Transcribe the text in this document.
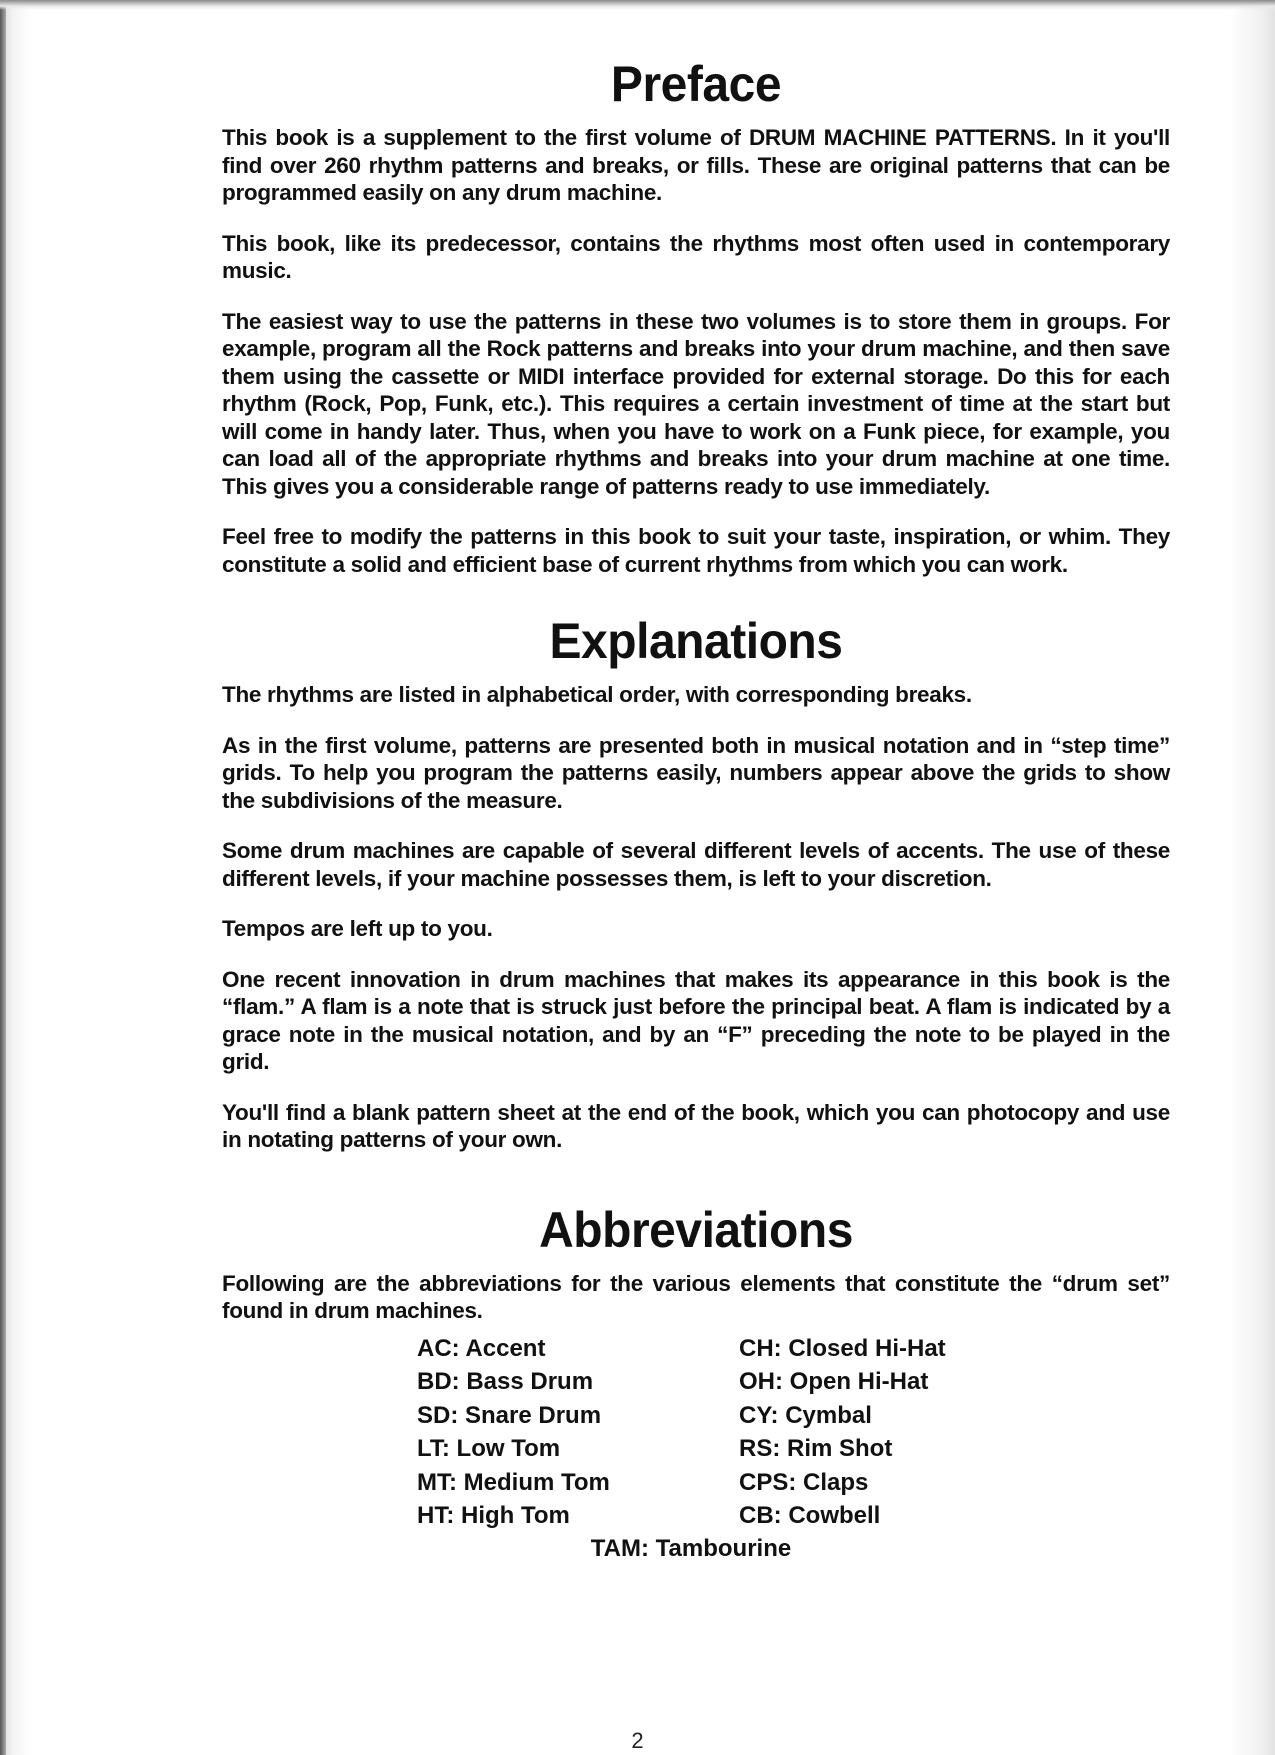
Preface

This book is a supplement to the first volume of DRUM MACHINE PATTERNS. In it you'll find over 260 rhythm patterns and breaks, or fills. These are original patterns that can be programmed easily on any drum machine.

This book, like its predecessor, contains the rhythms most often used in contemporary music.

The easiest way to use the patterns in these two volumes is to store them in groups. For example, program all the Rock patterns and breaks into your drum machine, and then save them using the cassette or MIDI interface provided for external storage. Do this for each rhythm (Rock, Pop, Funk, etc.). This requires a certain investment of time at the start but will come in handy later. Thus, when you have to work on a Funk piece, for example, you can load all of the appropriate rhythms and breaks into your drum machine at one time. This gives you a considerable range of patterns ready to use immediately.

Feel free to modify the patterns in this book to suit your taste, inspiration, or whim. They constitute a solid and efficient base of current rhythms from which you can work.

Explanations

The rhythms are listed in alphabetical order, with corresponding breaks.

As in the first volume, patterns are presented both in musical notation and in “step time” grids. To help you program the patterns easily, numbers appear above the grids to show the subdivisions of the measure.

Some drum machines are capable of several different levels of accents. The use of these different levels, if your machine possesses them, is left to your discretion.

Tempos are left up to you.

One recent innovation in drum machines that makes its appearance in this book is the “flam.” A flam is a note that is struck just before the principal beat. A flam is indicated by a grace note in the musical notation, and by an “F” preceding the note to be played in the grid.

You'll find a blank pattern sheet at the end of the book, which you can photocopy and use in notating patterns of your own.

Abbreviations

Following are the abbreviations for the various elements that constitute the “drum set” found in drum machines.

AC: Accent	CH: Closed Hi-Hat
BD: Bass Drum	OH: Open Hi-Hat
SD: Snare Drum	CY: Cymbal
LT: Low Tom	RS: Rim Shot
MT: Medium Tom	CPS: Claps
HT: High Tom	CB: Cowbell
TAM: Tambourine
2
